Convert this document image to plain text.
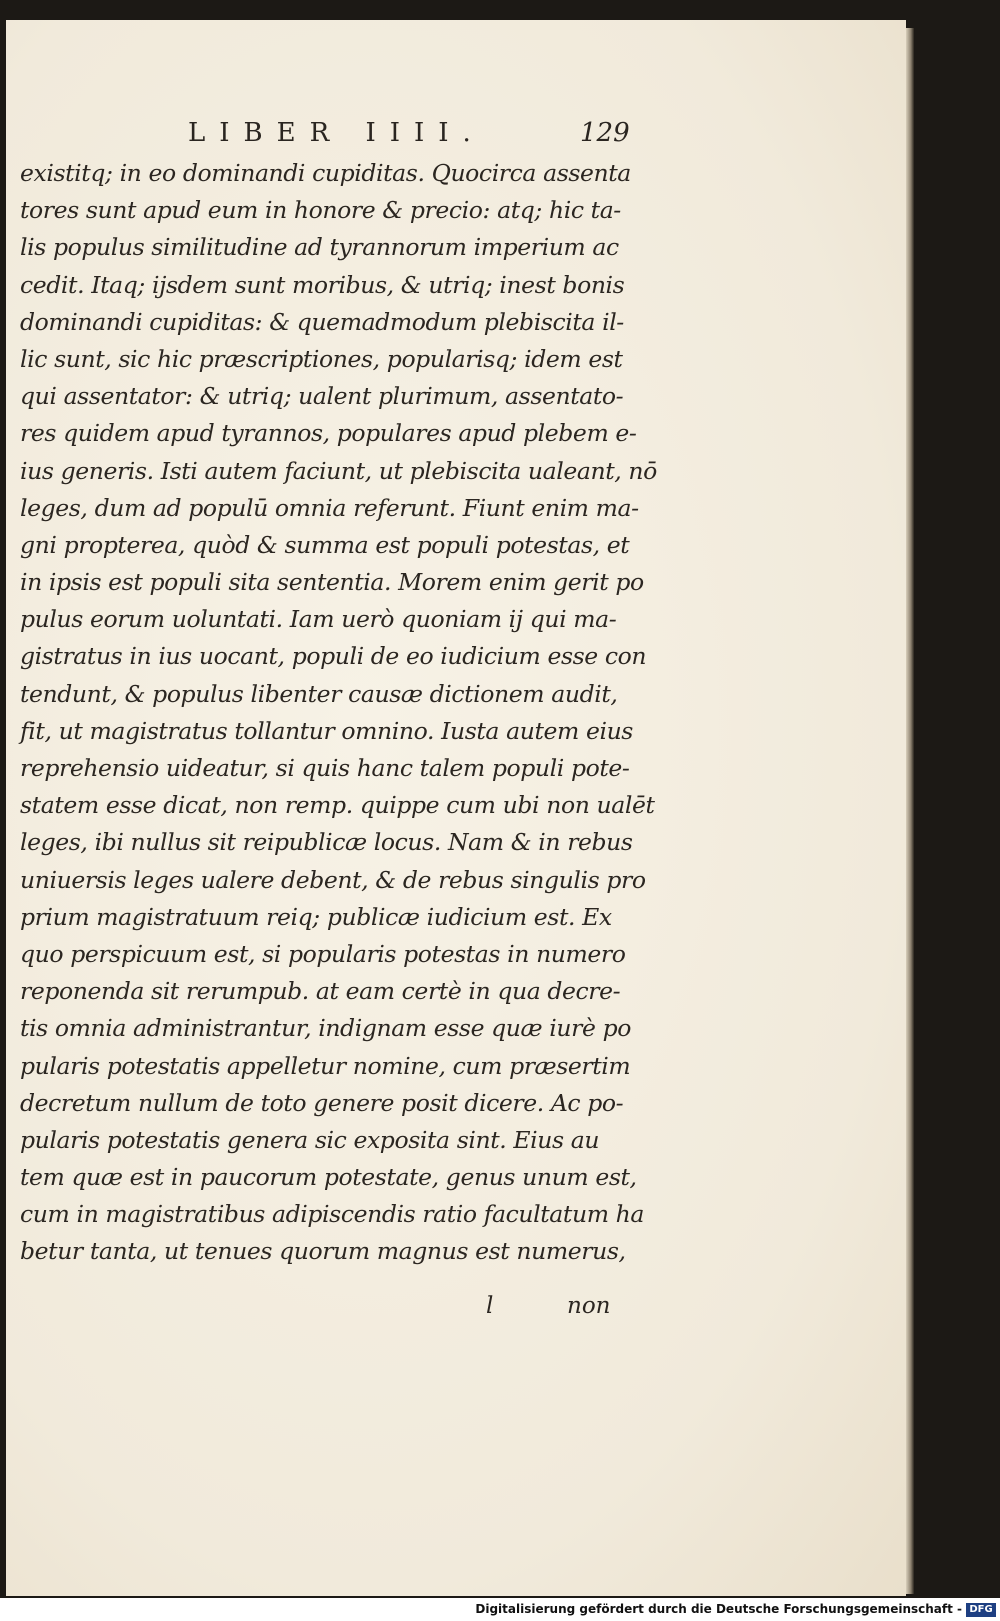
LIBER IIII.	129
existitq; in eo dominandi cupiditas. Quocirca assenta
tores sunt apud eum in honore & precio: atq; hic ta-
lis populus similitudine ad tyrannorum imperium ac
cedit. Itaq; ijsdem sunt moribus, & utriq; inest bonis
dominandi cupiditas: & quemadmodum plebiscita il-
lic sunt, sic hic præscriptiones, popularisq; idem est
qui assentator: & utriq; ualent plurimum, assentato-
res quidem apud tyrannos, populares apud plebem e-
ius generis. Isti autem faciunt, ut plebiscita ualeant, nō
leges, dum ad populū omnia referunt. Fiunt enim ma-
gni propterea, quòd & summa est populi potestas, et
in ipsis est populi sita sententia. Morem enim gerit po
pulus eorum uoluntati. Iam uerò quoniam ij qui ma-
gistratus in ius uocant, populi de eo iudicium esse con
tendunt, & populus libenter causæ dictionem audit,
fit, ut magistratus tollantur omnino. Iusta autem eius
reprehensio uideatur, si quis hanc talem populi pote-
statem esse dicat, non remp. quippe cum ubi non ualēt
leges, ibi nullus sit reipublicæ locus. Nam & in rebus
uniuersis leges ualere debent, & de rebus singulis pro
prium magistratuum reiq; publicæ iudicium est. Ex
quo perspicuum est, si popularis potestas in numero
reponenda sit rerumpub. at eam certè in qua decre-
tis omnia administrantur, indignam esse quæ iurè po
pularis potestatis appelletur nomine, cum præsertim
decretum nullum de toto genere posit dicere. Ac po-
pularis potestatis genera sic exposita sint. Eius au
tem quæ est in paucorum potestate, genus unum est,
cum in magistratibus adipiscendis ratio facultatum ha
betur tanta, ut tenues quorum magnus est numerus,
l	non
Digitalisierung gefördert durch die Deutsche Forschungsgemeinschaft - DFG
